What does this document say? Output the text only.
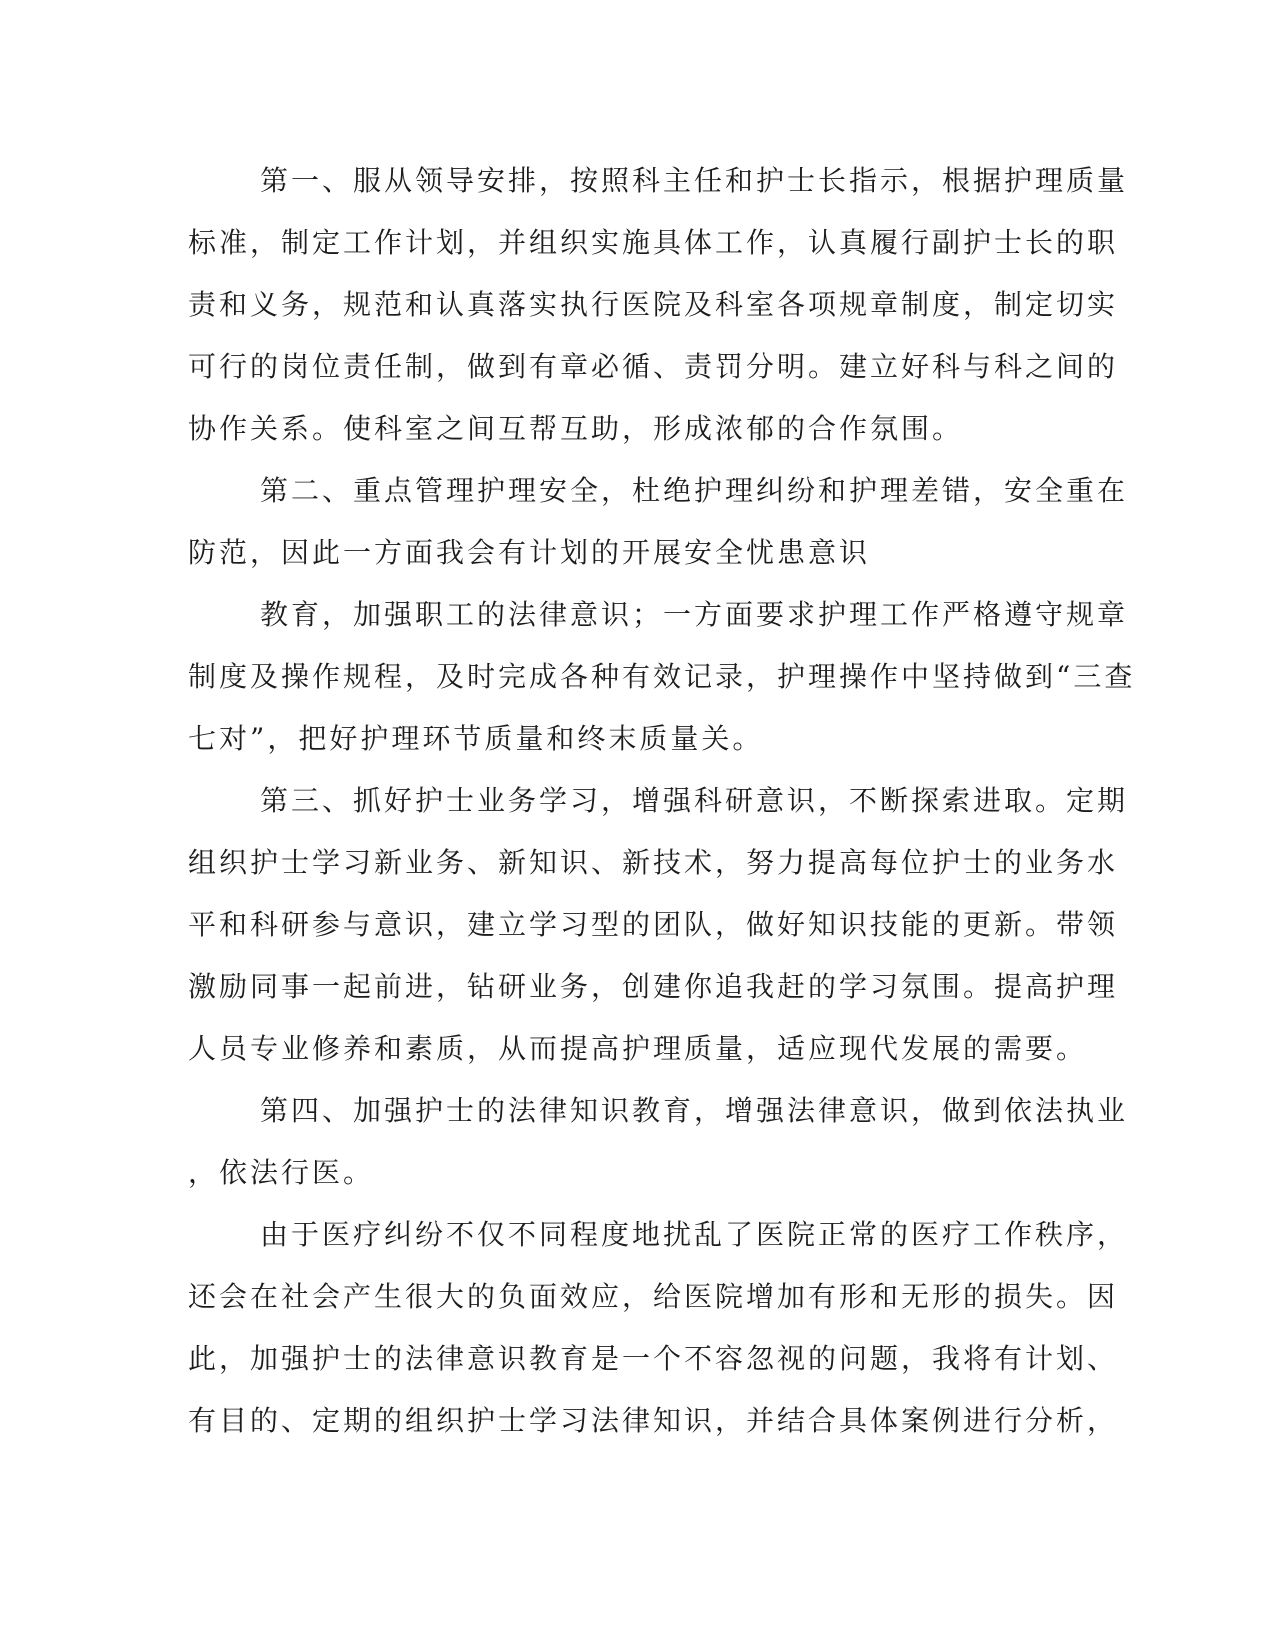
第一、服从领导安排，按照科主任和护士长指示，根据护理质量
标准，制定工作计划，并组织实施具体工作，认真履行副护士长的职
责和义务，规范和认真落实执行医院及科室各项规章制度，制定切实
可行的岗位责任制，做到有章必循、责罚分明。建立好科与科之间的
协作关系。使科室之间互帮互助，形成浓郁的合作氛围。
第二、重点管理护理安全，杜绝护理纠纷和护理差错，安全重在
防范，因此一方面我会有计划的开展安全忧患意识
教育，加强职工的法律意识；一方面要求护理工作严格遵守规章
制度及操作规程，及时完成各种有效记录，护理操作中坚持做到“三查
七对”，把好护理环节质量和终末质量关。
第三、抓好护士业务学习，增强科研意识，不断探索进取。定期
组织护士学习新业务、新知识、新技术，努力提高每位护士的业务水
平和科研参与意识，建立学习型的团队，做好知识技能的更新。带领
激励同事一起前进，钻研业务，创建你追我赶的学习氛围。提高护理
人员专业修养和素质，从而提高护理质量，适应现代发展的需要。
第四、加强护士的法律知识教育，增强法律意识，做到依法执业
，依法行医。
由于医疗纠纷不仅不同程度地扰乱了医院正常的医疗工作秩序，
还会在社会产生很大的负面效应，给医院增加有形和无形的损失。因
此，加强护士的法律意识教育是一个不容忽视的问题，我将有计划、
有目的、定期的组织护士学习法律知识，并结合具体案例进行分析，
